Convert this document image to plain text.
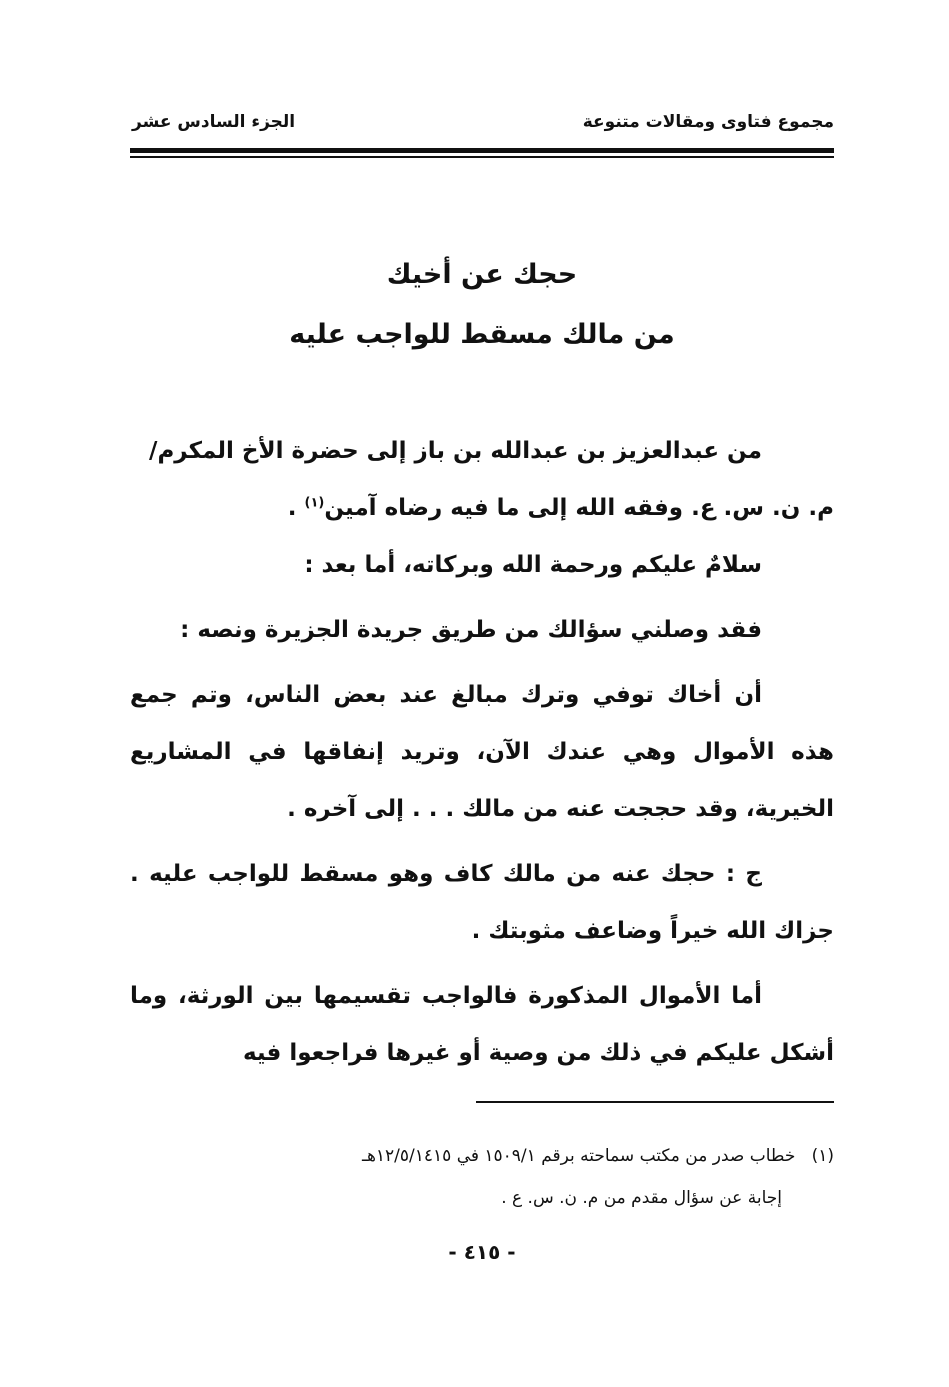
مجموع فتاوى ومقالات متنوعة
الجزء السادس عشر
حجك عن أخيك
من مالك مسقط للواجب عليه

من عبدالعزيز بن عبدالله بن باز إلى حضرة الأخ المكرم/
م. ن. س. ع. وفقه الله إلى ما فيه رضاه آمين$^{(١)}$ .

سلامٌ عليكم ورحمة الله وبركاته، أما بعد :

فقد وصلني سؤالك من طريق جريدة الجزيرة ونصه :

أن أخاك توفي وترك مبالغ عند بعض الناس، وتم جمع هذه الأموال وهي عندك الآن، وتريد إنفاقها في المشاريع الخيرية، وقد حججت عنه من مالك . . . إلى آخره .

ج : حجك عنه من مالك كاف وهو مسقط للواجب عليه . جزاك الله خيراً وضاعف مثوبتك .

أما الأموال المذكورة فالواجب تقسيمها بين الورثة، وما أشكل عليكم في ذلك من وصية أو غيرها فراجعوا فيه

(١)   خطاب صدر من مكتب سماحته برقم ١٥٠٩/١ في ١٢/٥/١٤١٥هـ
إجابة عن سؤال مقدم من م. ن. س. ع .
- ٤١٥ -
